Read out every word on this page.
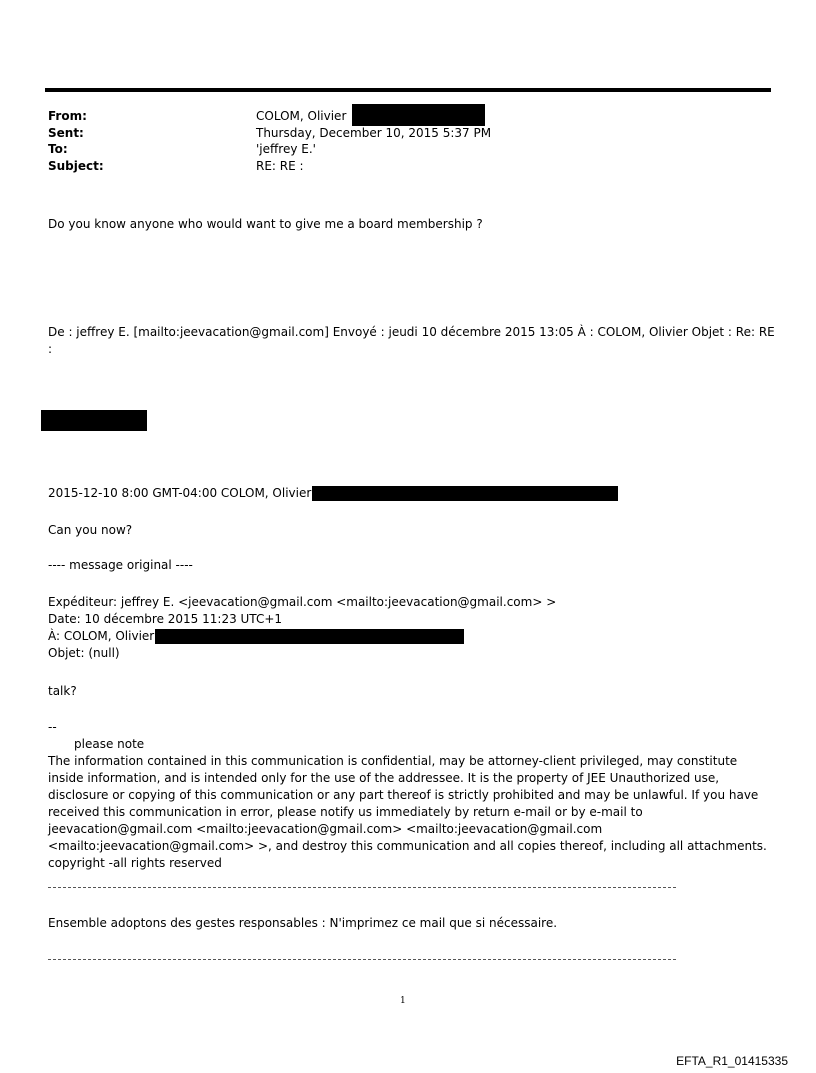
From:	COLOM, Olivier
Sent:	Thursday, December 10, 2015 5:37 PM
To:	'jeffrey E.'
Subject:	RE: RE :
Do you know anyone who would want to give me a board membership ?
De : jeffrey E. [mailto:jeevacation@gmail.com] Envoyé : jeudi 10 décembre 2015 13:05 À : COLOM, Olivier Objet : Re: RE
:
2015-12-10 8:00 GMT-04:00 COLOM, Olivier
Can you now?
---- message original ----
Expéditeur: jeffrey E. <jeevacation@gmail.com <mailto:jeevacation@gmail.com> >
Date: 10 décembre 2015 11:23 UTC+1
À: COLOM, Olivier
Objet: (null)
talk?
--
please note
The information contained in this communication is confidential, may be attorney-client privileged, may constitute
inside information, and is intended only for the use of the addressee. It is the property of JEE Unauthorized use,
disclosure or copying of this communication or any part thereof is strictly prohibited and may be unlawful. If you have
received this communication in error, please notify us immediately by return e-mail or by e-mail to
jeevacation@gmail.com <mailto:jeevacation@gmail.com> <mailto:jeevacation@gmail.com
<mailto:jeevacation@gmail.com> >, and destroy this communication and all copies thereof, including all attachments.
copyright -all rights reserved
Ensemble adoptons des gestes responsables : N'imprimez ce mail que si nécessaire.
1
EFTA_R1_01415335
